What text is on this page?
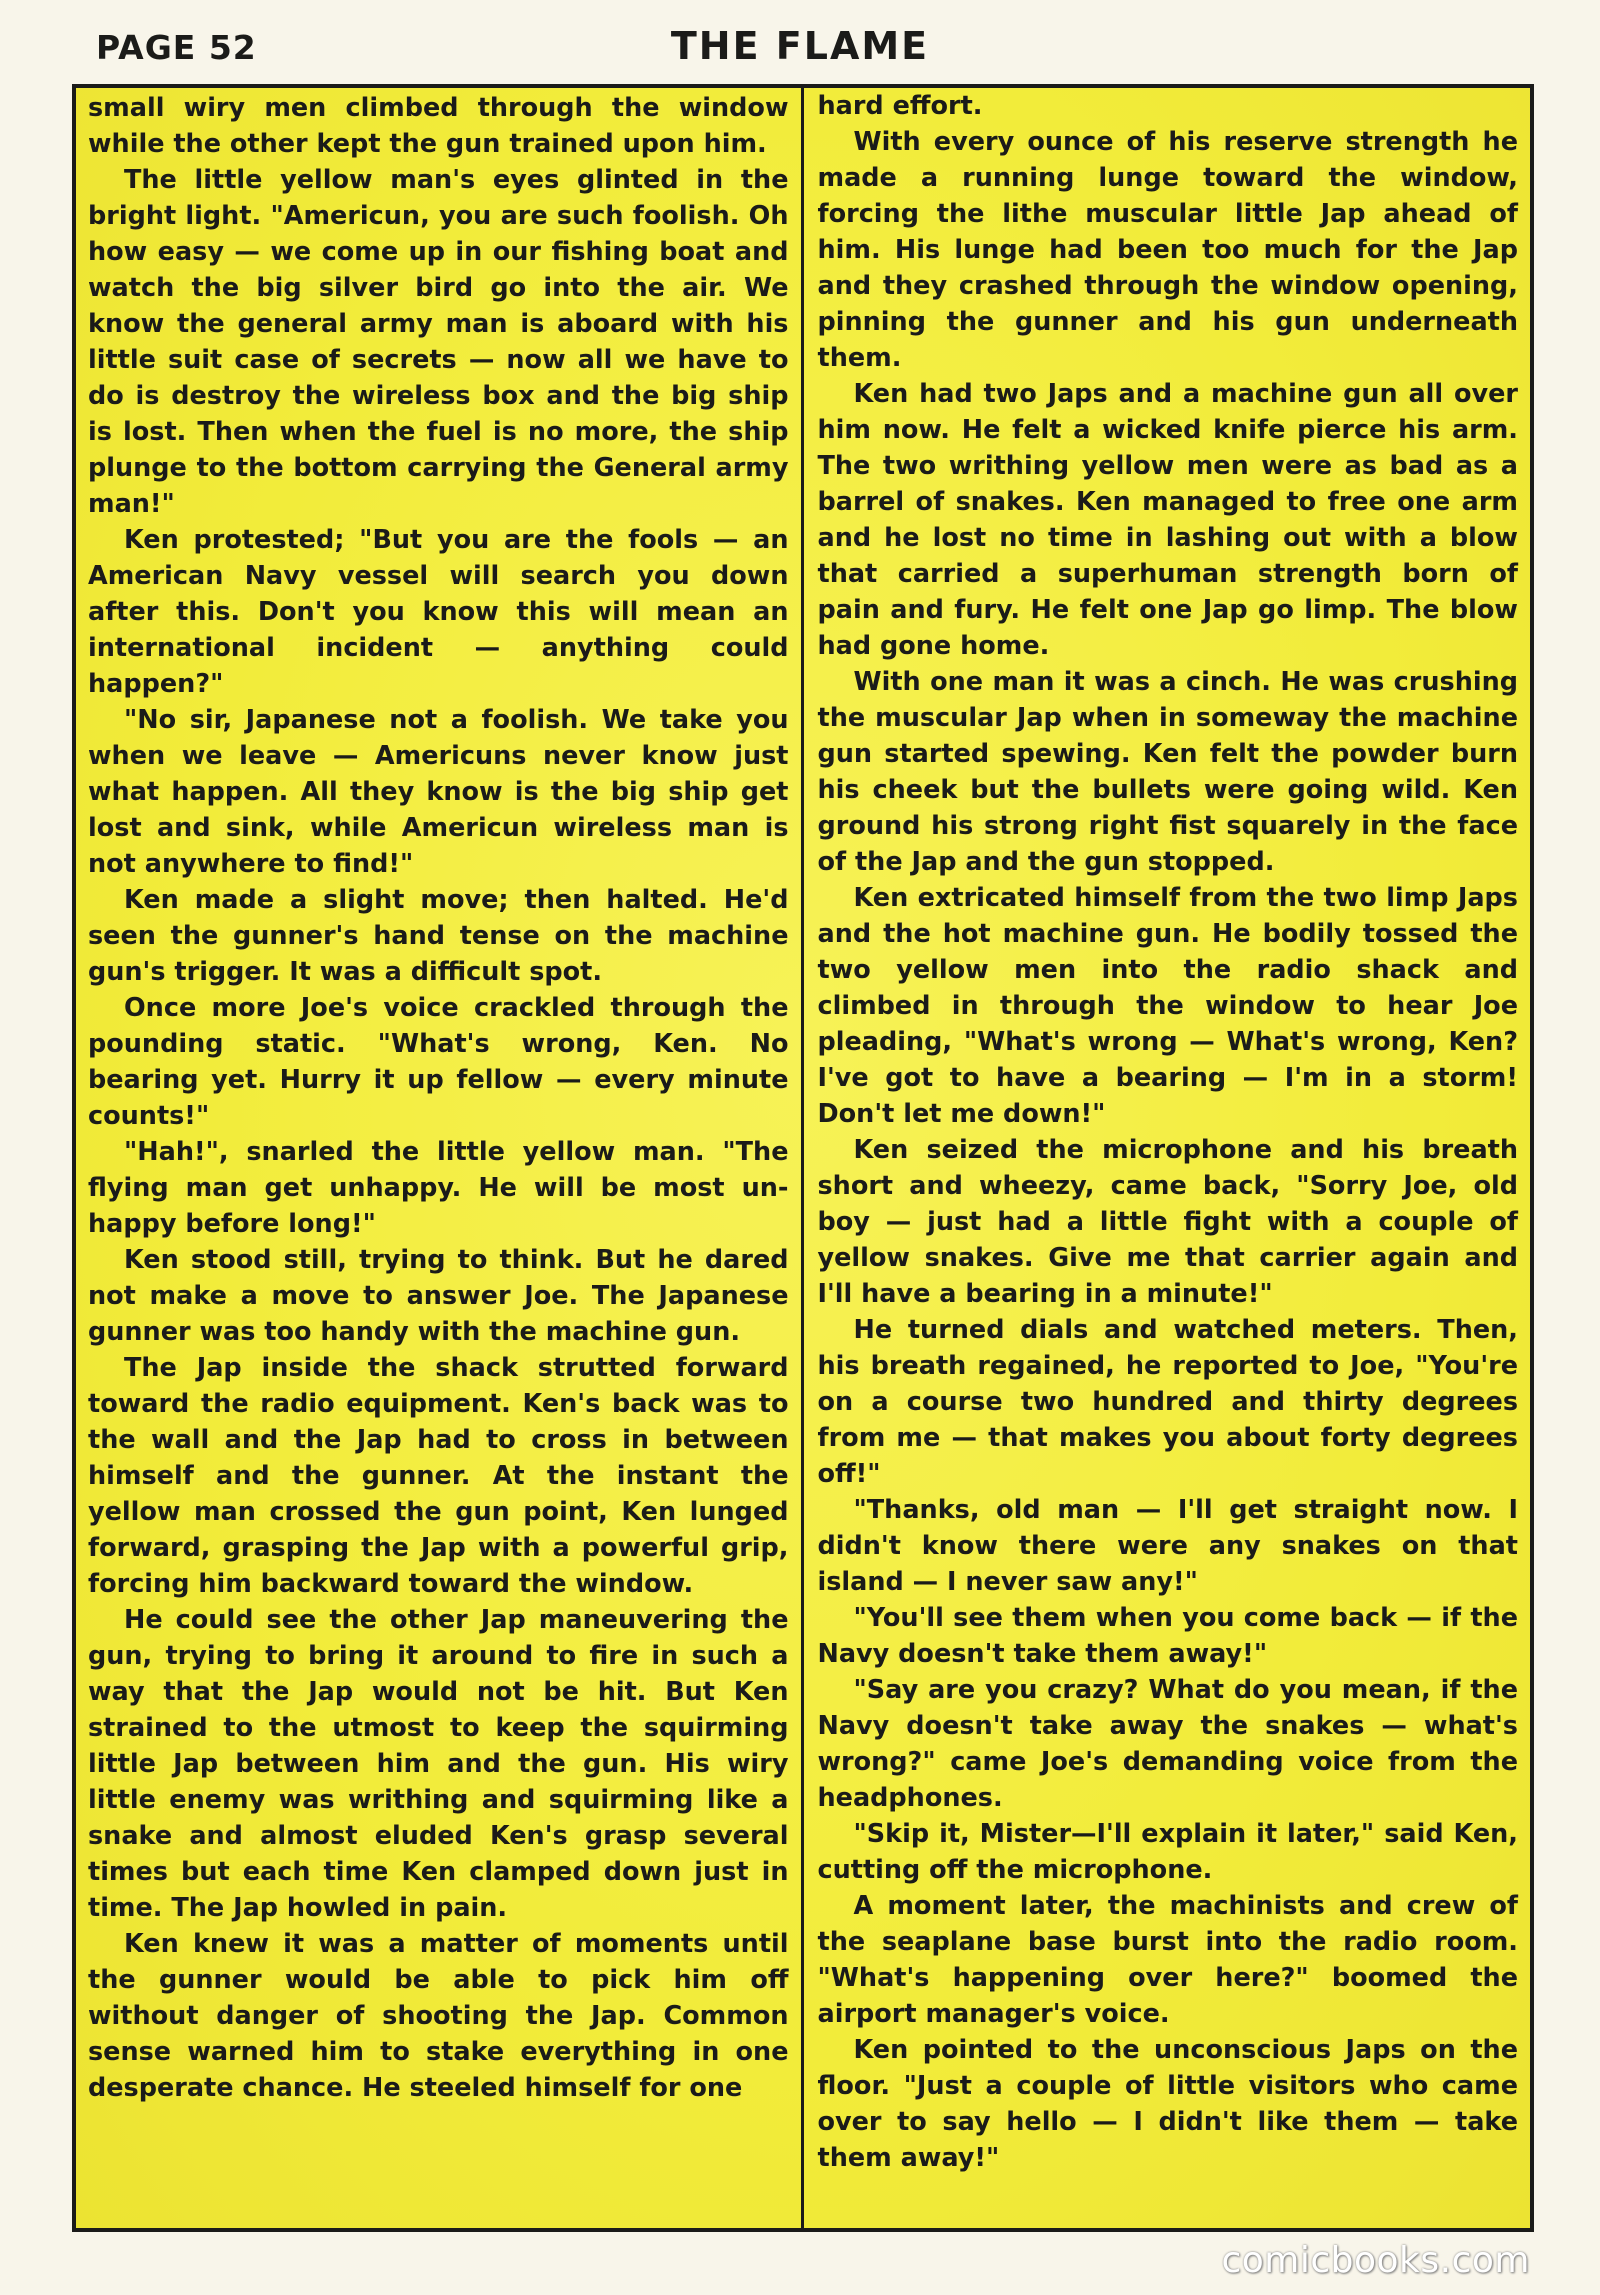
PAGE 52	THE FLAME

small wiry men climbed through the window while the other kept the gun trained upon him.

The little yellow man's eyes glinted in the bright light. "Americun, you are such foolish. Oh how easy — we come up in our fishing boat and watch the big silver bird go into the air. We know the general army man is aboard with his little suit case of secrets — now all we have to do is destroy the wireless box and the big ship is lost. Then when the fuel is no more, the ship plunge to the bottom carrying the General army man!"

Ken protested; "But you are the fools — an American Navy vessel will search you down after this. Don't you know this will mean an international incident — anything could happen?"

"No sir, Japanese not a foolish. We take you when we leave — Americuns never know just what happen. All they know is the big ship get lost and sink, while Americun wireless man is not anywhere to find!"

Ken made a slight move; then halted. He'd seen the gunner's hand tense on the machine gun's trigger. It was a difficult spot.

Once more Joe's voice crackled through the pounding static. "What's wrong, Ken. No bearing yet. Hurry it up fellow — every minute counts!"

"Hah!", snarled the little yellow man. "The flying man get unhappy. He will be most unhappy before long!"

Ken stood still, trying to think. But he dared not make a move to answer Joe. The Japanese gunner was too handy with the machine gun.

The Jap inside the shack strutted forward toward the radio equipment. Ken's back was to the wall and the Jap had to cross in between himself and the gunner. At the instant the yellow man crossed the gun point, Ken lunged forward, grasping the Jap with a powerful grip, forcing him backward toward the window.

He could see the other Jap maneuvering the gun, trying to bring it around to fire in such a way that the Jap would not be hit. But Ken strained to the utmost to keep the squirming little Jap between him and the gun. His wiry little enemy was writhing and squirming like a snake and almost eluded Ken's grasp several times but each time Ken clamped down just in time. The Jap howled in pain.

Ken knew it was a matter of moments until the gunner would be able to pick him off without danger of shooting the Jap. Common sense warned him to stake everything in one desperate chance. He steeled himself for one

hard effort.

With every ounce of his reserve strength he made a running lunge toward the window, forcing the lithe muscular little Jap ahead of him. His lunge had been too much for the Jap and they crashed through the window opening, pinning the gunner and his gun underneath them.

Ken had two Japs and a machine gun all over him now. He felt a wicked knife pierce his arm. The two writhing yellow men were as bad as a barrel of snakes. Ken managed to free one arm and he lost no time in lashing out with a blow that carried a superhuman strength born of pain and fury. He felt one Jap go limp. The blow had gone home.

With one man it was a cinch. He was crushing the muscular Jap when in someway the machine gun started spewing. Ken felt the powder burn his cheek but the bullets were going wild. Ken ground his strong right fist squarely in the face of the Jap and the gun stopped.

Ken extricated himself from the two limp Japs and the hot machine gun. He bodily tossed the two yellow men into the radio shack and climbed in through the window to hear Joe pleading, "What's wrong — What's wrong, Ken? I've got to have a bearing — I'm in a storm! Don't let me down!"

Ken seized the microphone and his breath short and wheezy, came back, "Sorry Joe, old boy — just had a little fight with a couple of yellow snakes. Give me that carrier again and I'll have a bearing in a minute!"

He turned dials and watched meters. Then, his breath regained, he reported to Joe, "You're on a course two hundred and thirty degrees from me — that makes you about forty degrees off!"

"Thanks, old man — I'll get straight now. I didn't know there were any snakes on that island — I never saw any!"

"You'll see them when you come back — if the Navy doesn't take them away!"

"Say are you crazy? What do you mean, if the Navy doesn't take away the snakes — what's wrong?" came Joe's demanding voice from the headphones.

"Skip it, Mister—I'll explain it later," said Ken, cutting off the microphone.

A moment later, the machinists and crew of the seaplane base burst into the radio room. "What's happening over here?" boomed the airport manager's voice.

Ken pointed to the unconscious Japs on the floor. "Just a couple of little visitors who came over to say hello — I didn't like them — take them away!"

comicbooks.com
